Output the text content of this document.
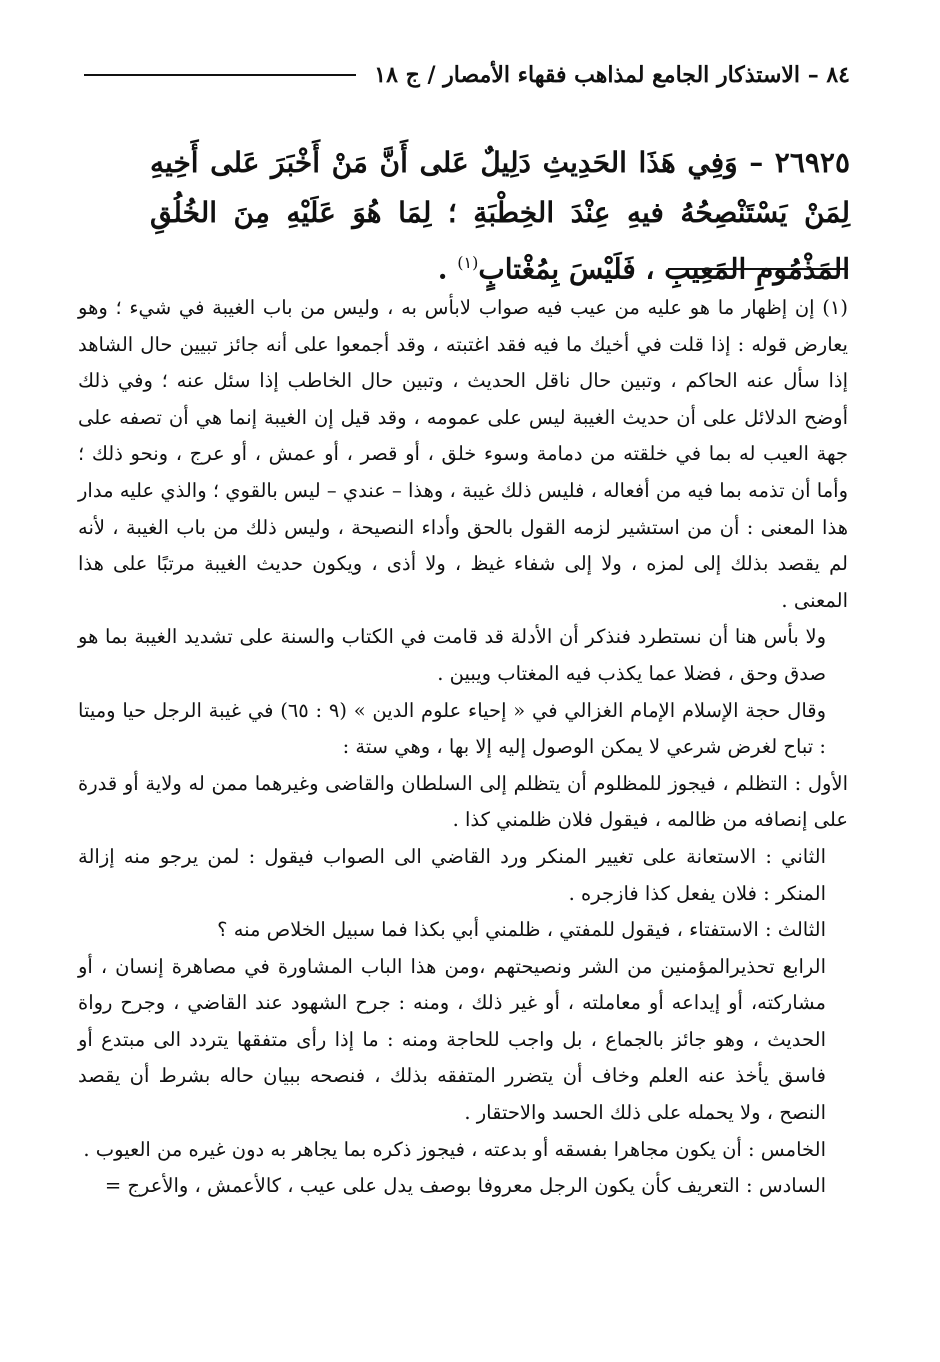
٨٤ – الاستذكار الجامع لمذاهب فقهاء الأمصار / ج ١٨
٢٦٩٢٥ – وَفِي هَذَا الحَدِيثِ دَلِيلٌ عَلى أَنَّ مَنْ أَخْبَرَ عَلى أَخِيهِ لِمَنْ يَسْتَنْصِحُهُ فيهِ عِنْدَ الخِطْبَةِ ؛ لِمَا هُوَ عَلَيْهِ مِنَ الخُلُقِ المَذْمُومِ المَعِيبِ ، فَلَيْسَ بِمُغْتابٍ$^{(١)}$ .

(١) إن إظهار ما هو عليه من عيب فيه صواب لابأس به ، وليس من باب الغيبة في شيء ؛ وهو يعارض قوله : إذا قلت في أخيك ما فيه فقد اغتبته ، وقد أجمعوا على أنه جائز تبيين حال الشاهد إذا سأل عنه الحاكم ، وتبين حال ناقل الحديث ، وتبين حال الخاطب إذا سئل عنه ؛ وفي ذلك أوضح الدلائل على أن حديث الغيبة ليس على عمومه ، وقد قيل إن الغيبة إنما هي أن تصفه على جهة العيب له بما في خلقته من دمامة وسوء خلق ، أو قصر ، أو عمش ، أو عرج ، ونحو ذلك ؛ وأما أن تذمه بما فيه من أفعاله ، فليس ذلك غيبة ، وهذا – عندي – ليس بالقوي ؛ والذي عليه مدار هذا المعنى : أن من استشير لزمه القول بالحق وأداء النصيحة ، وليس ذلك من باب الغيبة ، لأنه لم يقصد بذلك إلى لمزه ، ولا إلى شفاء غيظ ، ولا أذى ، ويكون حديث الغيبة مرتبًا على هذا المعنى .

ولا بأس هنا أن نستطرد فنذكر أن الأدلة قد قامت في الكتاب والسنة على تشديد الغيبة بما هو صدق وحق ، فضلا عما يكذب فيه المغتاب ويبين .

وقال حجة الإسلام الإمام الغزالي في « إحياء علوم الدين » (٩ : ٦٥) في غيبة الرجل حيا وميتا : تباح لغرض شرعي لا يمكن الوصول إليه إلا بها ، وهي ستة :

الأول : التظلم ، فيجوز للمظلوم أن يتظلم إلى السلطان والقاضى وغيرهما ممن له ولاية أو قدرة على إنصافه من ظالمه ، فيقول فلان ظلمني كذا .

الثاني : الاستعانة على تغيير المنكر ورد القاضي الى الصواب فيقول : لمن يرجو منه إزالة المنكر : فلان يفعل كذا فازجره .

الثالث : الاستفتاء ، فيقول للمفتي ، ظلمني أبي بكذا فما سبيل الخلاص منه ؟

الرابع تحذيرالمؤمنين من الشر ونصيحتهم ،ومن هذا الباب المشاورة في مصاهرة إنسان ، أو مشاركته، أو إيداعه أو معاملته ، أو غير ذلك ، ومنه : جرح الشهود عند القاضي ، وجرح رواة الحديث ، وهو جائز بالجماع ، بل واجب للحاجة ومنه : ما إذا رأى متفقها يتردد الى مبتدع أو فاسق يأخذ عنه العلم وخاف أن يتضرر المتفقه بذلك ، فنصحه ببيان حاله بشرط أن يقصد النصح ، ولا يحمله على ذلك الحسد والاحتقار .

الخامس : أن يكون مجاهرا بفسقه أو بدعته ، فيجوز ذكره بما يجاهر به دون غيره من العيوب .

السادس : التعريف كأن يكون الرجل معروفا بوصف يدل على عيب ، كالأعمش ، والأعرج =
